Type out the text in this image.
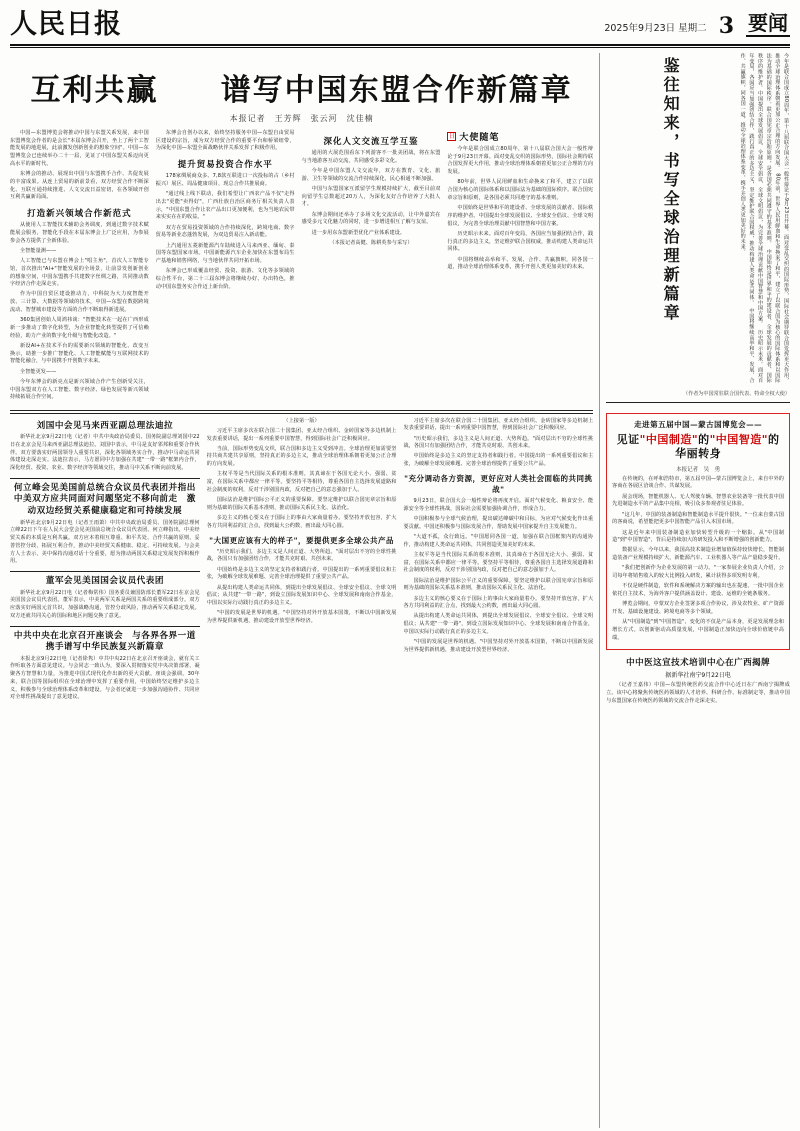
人民日报	2025年9月23日 星期二 3 要闻
互利共赢 谱写中国东盟合作新篇章
本报记者　王芳辉　张云河　沈佳楠

中国—东盟博览会将推动中国与东盟关系发展，来中国东盟博览会作者的是会长"本届东博会召开，坐上了两个工智能发展的地进展，此前激发创新创业的想象空间"。中国—东盟博览会已连续举办二十一届，见证了中国东盟关系迈向更高水平的新时代。

东博会的推动、展现出中国与东盟携手合作、共促发展的丰富成果。从连上贸易的新前景看，双方经贸合作不断深化、互联互通持续推进、人文交流日益密切，在各领域开创互利共赢新局面。

打造新兴领域合作新范式

从使用人工智能技术辅助会务调度，到通过数字技术赋能展会服务，智能化手段在本届东博会上广泛应用，为参展参会各方提供了全新体验。

全智能量测——

人工智能已与东盟在博会上"唱主角"，首次人工智能专馆，首次推出"AI+"智能发展的全场景，让前景发创新创业的想象空间，中国东盟携手共建数字丝绸之路，共同推动数字经济合作走深走实。

作为中国自贸区建设推动力，中科院为大力度智能开放、三计算、大数据等领域的技术，中国—东盟在数据跨境流动、智慧城市建设等方面的合作不断取得新进展。

360集团创始人周鸿祎谈："智能技术在一起在广西形成新一步推动了数字化转型，为企业智能化转型提供了可信赖经验，助力产业的数字化升级与智能化改造。"

新设AI+在技术平台的需要新兴领域的智能化、改变互换示，助推一步推广智能化、人工智能赋能与互联网技术的智能化融合，与中国携手开创数字未来。

全智能更发——

今年东博会的新亮点是新兴领域合作产生创新受关注，中国东盟双方在人工智能、数字经济、绿色发展等新兴领域持续拓展合作空间。

东博会自创办以来，始终坚持服务中国—东盟自由贸易区建设的宗旨，成为双方经贸合作的重要平台和桥梁纽带，为深化中国—东盟全面战略伙伴关系发挥了积极作用。

提升贸易投资合作水平

178家绸展商众多、7,8款互联进口一次投标的占（乡村振兴）展区、周品健康项目，现总合作共推展商。

"通过线上线下联动，我们希望让广西农产品不仅"走得出去"更能"卖得好"，广西壮族自治区商务厅相关负责人表示，"中国东盟合作让农产品出口更加便利，也为当地农民带来实实在在的收益。"

双方在贸易投资领域的合作持续深化，跨境电商、数字贸易等新业态蓬勃发展，为双边贸易注入新动能。

上汽通用五菱新能源汽车陆续进入马来西亚、缅甸、泰国等东盟国家市场。中国新能源汽车企业加快在东盟布局生产基地和销售网络，与当地伙伴共同开拓市场。

东博会已形成覆盖经贸、投资、旅游、文化等多领域的综合性平台，第二十三届东博会将继续办好、办出特色，推动中国东盟务实合作迈上新台阶。

深化人文交流互学互鉴

通用的大展范围看东下列游客不一批美团战，将在东盟与当地游客互动交流，共同感受多彩文化。

今年是中国东盟人文交流年，双方在教育、文化、旅游、卫生等领域的交流合作持续深化，民心相通不断加强。

中国与东盟国家互派留学生规模持续扩大，截至目前双向留学生总数超过20万人，为深化友好合作培养了大批人才。

东博会期间还举办了多场文化交流活动，让中外嘉宾在感受多元文化魅力的同时，进一步增进相互了解与友谊。

进一步用东东盟新型优化产业体系建设。

（本报记者高健、陈耕英参与采写）

日 大使随笔

今年是联合国成立80周年，第十八届联合国大会一般性辩论于9月23日开幕。面对变乱交织的国际形势，国际社会期待联合国发挥更大作用，推动全球治理体系朝着更加公正合理的方向发展。

80年前，世界人民用鲜血和生命换来了和平，建立了以联合国为核心的国际体系和以国际法为基础的国际秩序。联合国宪章宗旨和原则，是各国必须共同遵守的基本准则。

中国始终是世界和平的建设者、全球发展的贡献者、国际秩序的维护者。中国提出全球发展倡议、全球安全倡议、全球文明倡议，为完善全球治理贡献中国智慧和中国方案。

历史昭示未来。面对百年变局，各国应当加强团结合作，践行真正的多边主义，坚定维护联合国权威，推动构建人类命运共同体。

中国将继续高举和平、发展、合作、共赢旗帜，同各国一道，推动全球治理体系变革，携手开创人类更加美好的未来。

刘国中会见马来西亚副总理法迪拉

新华社北京9月22日电（记者）中共中央政治局委员、国务院副总理刘国中22日在北京会见马来西亚副总理法迪拉。刘国中表示，中马是友好邻邦和重要合作伙伴。双方要落实好两国领导人重要共识，深化各领域务实合作，推动中马命运共同体建设走深走实。法迪拉表示，马方愿同中方加强在共建"一带一路"框架内合作，深化经贸、投资、农业、数字经济等领域交往，推动马中关系不断向前发展。

何立峰会见美国前总统合众议员代表团并指出　中美双方应共同面对问题坚定不移向前走　激动双边经贸关系健康稳定和可持续发展

新华社北京9月22日电（记者王雨萧）中共中央政治局委员、国务院副总理何立峰22日下午在人民大会堂会见美国前总统合众议员代表团。何立峰指出，中美经贸关系的本质是互利共赢。双方应本着相互尊重、和平共处、合作共赢的原则，妥善管控分歧，拓展互利合作，推动中美经贸关系健康、稳定、可持续发展。与会美方人士表示，美中保持沟通对话十分重要，愿为推动两国关系稳定发展发挥积极作用。

董军会见美国国会议员代表团

新华社北京9月22日电（记者梅常伟）国务委员兼国防部长董军22日在京会见美国国会议员代表团。董军表示，中美两军关系是两国关系的重要组成部分。双方应落实好两国元首共识，加强战略沟通，管控分歧风险，推动两军关系稳定发展。双方还就共同关心的国际和地区问题交换了意见。

中共中央在北京召开座谈会　与各界各界一道携手谱写中华民族复兴新篇章

本报北京9月22日电（记者徐隽）中共中央22日在北京召开座谈会，就有关工作听取各方面意见建议。与会同志一致认为，要深入贯彻落实党中央决策部署，凝聚各方智慧和力量，为推进中国式现代化作出新的更大贡献。座谈会强调，30年来，联合国等国际组织在全球治理中发挥了重要作用，中国始终坚定维护多边主义，积极参与全球治理体系改革和建设。与会者还就进一步加强沟通协作、共同应对全球性挑战提出了意见建议。

（上接第一版）

习近平主席多次在联合国二十国集团、亚太经合组织、金砖国家等多边机制上发表重要讲话，提出一系列重要中国智慧，得到国际社会广泛积极回应。

当前，国际形势变乱交织，联合国和多边主义受到冲击。全球治理更加需要坚持共商共建共享原则，坚持真正的多边主义，推动全球治理体系朝着更加公正合理的方向发展。

主权平等是当代国际关系的根本准则，其真谛在于各国无论大小、强弱、贫富，在国际关系中都应一律平等。要坚持平等相待，尊重各国自主选择发展道路和社会制度的权利，反对干涉别国内政，反对把自己的意志强加于人。

国际法治是维护国际公平正义的重要保障。要坚定维护以联合国宪章宗旨和原则为基础的国际关系基本准则，推动国际关系民主化、法治化。

多边主义的核心要义在于国际上的事由大家商量着办。要坚持开放包容，扩大各方共同利益的汇合点，找到最大公约数，画出最大同心圆。

"大国更应该有大的样子"，要提供更多全球公共产品

"历史昭示我们，多边主义是人间正道、大势所趋。"面对层出不穷的全球性挑战，各国只有加强团结合作，才能共克时艰、共创未来。

中国始终是多边主义的坚定支持者和践行者。中国提出的一系列重要倡议和主张，为破解全球发展难题、完善全球治理提供了重要公共产品。

从提出构建人类命运共同体，到提出全球发展倡议、全球安全倡议、全球文明倡议；从共建"一带一路"，到设立国际发展知识中心、全球发展和南南合作基金，中国以实际行动践行真正的多边主义。

"中国的发展是世界的机遇。"中国坚持对外开放基本国策，不断以中国新发展为世界提供新机遇，推动建设开放型世界经济。

习近平主席多次在联合国二十国集团、亚太经合组织、金砖国家等多边机制上发表重要讲话，提出一系列重要中国智慧，得到国际社会广泛积极回应。

"历史昭示我们，多边主义是人间正道、大势所趋。"面对层出不穷的全球性挑战，各国只有加强团结合作，才能共克时艰、共创未来。

中国始终是多边主义的坚定支持者和践行者。中国提出的一系列重要倡议和主张，为破解全球发展难题、完善全球治理提供了重要公共产品。

"充分调动各方资源，更好应对人类社会面临的共同挑战"

9月23日，联合国大会一般性辩论将再度开启。面对气候变化、粮食安全、能源安全等全球性挑战，国际社会需要加强协调合作，形成合力。

中国积极参与全球气候治理，提出碳达峰碳中和目标，为应对气候变化作出重要贡献。中国还积极参与国际发展合作，帮助发展中国家提升自主发展能力。

"大道不孤，众行致远。"中国愿同各国一道，加强在联合国框架内的沟通协作，推动构建人类命运共同体，共同创造更加美好的未来。

主权平等是当代国际关系的根本准则，其真谛在于各国无论大小、强弱、贫富，在国际关系中都应一律平等。要坚持平等相待，尊重各国自主选择发展道路和社会制度的权利，反对干涉别国内政，反对把自己的意志强加于人。

国际法治是维护国际公平正义的重要保障。要坚定维护以联合国宪章宗旨和原则为基础的国际关系基本准则，推动国际关系民主化、法治化。

多边主义的核心要义在于国际上的事由大家商量着办。要坚持开放包容，扩大各方共同利益的汇合点，找到最大公约数，画出最大同心圆。

从提出构建人类命运共同体，到提出全球发展倡议、全球安全倡议、全球文明倡议；从共建"一带一路"，到设立国际发展知识中心、全球发展和南南合作基金，中国以实际行动践行真正的多边主义。

"中国的发展是世界的机遇。"中国坚持对外开放基本国策，不断以中国新发展为世界提供新机遇，推动建设开放型世界经济。

鉴往知来，书写全球治理新篇章	今年是联合国成立80周年，第十八届联合国大会一般性辩论于9月23日开幕。面对变乱交织的国际形势，国际社会期待联合国发挥更大作用，推动全球治理体系朝着更加公正合理的方向发展。　80年前，世界人民用鲜血和生命换来了和平，建立了以联合国为核心的国际体系和以国际法为基础的国际秩序。联合国宪章宗旨和原则，是各国必须共同遵守的基本准则。　中国始终是世界和平的建设者、全球发展的贡献者、国际秩序的维护者。中国提出全球发展倡议、全球安全倡议、全球文明倡议，为完善全球治理贡献中国智慧和中国方案。　历史昭示未来。面对百年变局，各国应当加强团结合作，践行真正的多边主义，坚定维护联合国权威，推动构建人类命运共同体。　中国将继续高举和平、发展、合作、共赢旗帜，同各国一道，推动全球治理体系变革，携手开创人类更加美好的未来。
（作者为中国常驻联合国代表、特命全权大使）
走进第五届中国—蒙古国博览会——
见证"中国制造"的"中国智造"的华丽转身
本报记者　吴　勇

在传统的，在呼和浩特市，第五届中国—蒙古国博览会上，来自中外的客商在各展区洽谈合作、共谋发展。

展会现场，智能机器人、无人驾驶车辆、智慧农业装备等一批代表中国先进制造水平的产品集中亮相，吸引众多参观者驻足体验。

"这几年，中国的装备制造和智能制造水平提升很快。"一位来自蒙古国的客商说，希望能把更多中国智能产品引入本国市场。

这是近年来中国装备制造业加快转型升级的一个缩影。从"中国制造"到"中国智造"，背后是持续加大的研发投入和不断增强的创新能力。

数据显示，今年以来，我国高技术制造业增加值保持较快增长，智能制造装备产业规模持续扩大，新能源汽车、工业机器人等产品产量稳步提升。

"我们把创新作为企业发展的第一动力。"一家参展企业负责人介绍，公司每年将销售收入的较大比例投入研发，累计获得多项发明专利。

不仅是硬件制造，软件和系统解决方案的输出也在提速。一批中国企业依托自主技术，为海外客户提供涵盖设计、建设、运维的全链条服务。

博览会期间，中蒙双方企业签署多项合作协议，涉及农牧业、矿产资源开发、基础设施建设、跨境电商等多个领域。

从"中国制造"到"中国智造"，变化的不仅是产品本身，更是发展理念和增长方式。以创新驱动高质量发展，中国制造正加快迈向全球价值链中高端。

中中医这宣技术培训中心在广西揭牌
据新华社南宁9月22日电

（记者王嘉伟）中国—东盟传统医药交流合作中心近日在广西南宁揭牌成立。该中心将聚焦传统医药领域的人才培养、科研合作、标准制定等，推动中国与东盟国家在传统医药领域的交流合作走深走实。
